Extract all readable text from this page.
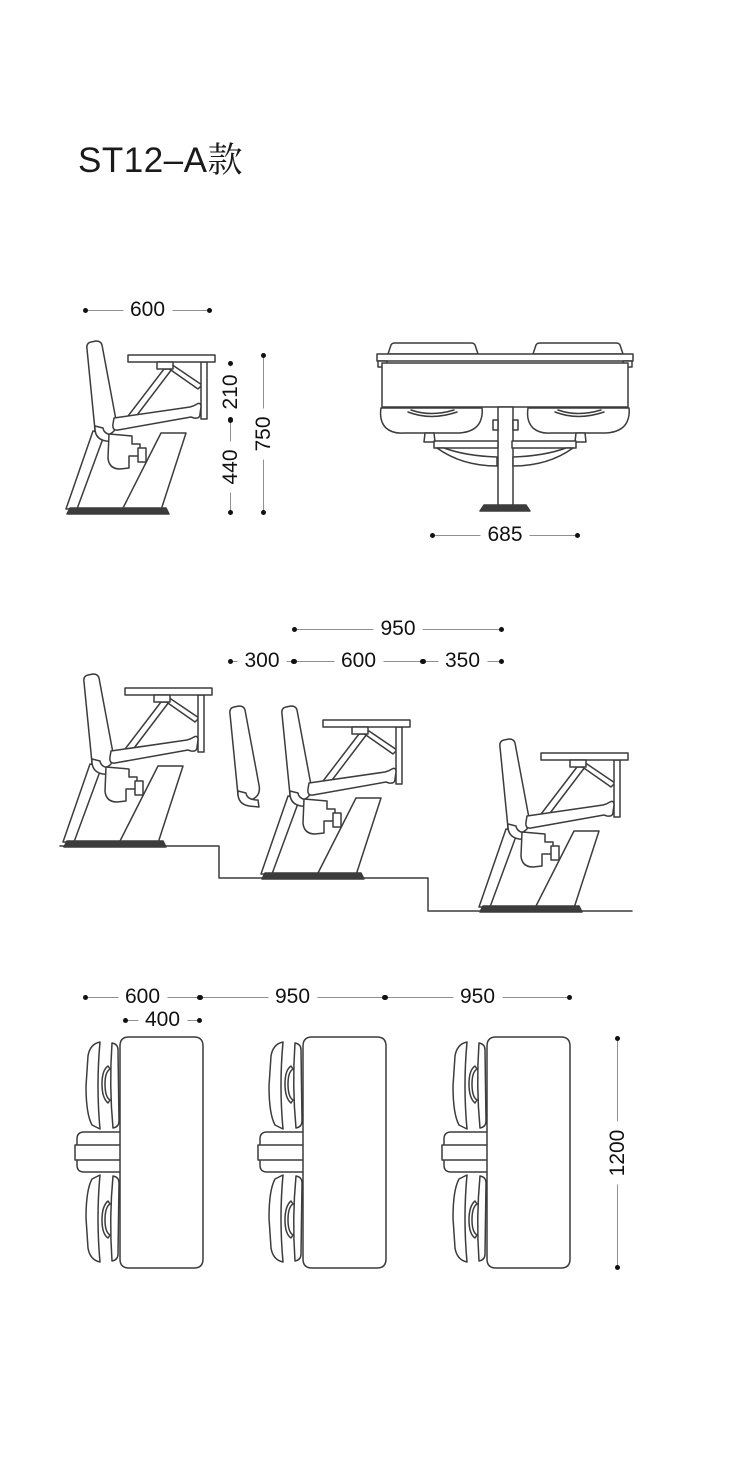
ST12–A款
600
210
440
750
685
950
300	600	350
600	950	950
400
1200
